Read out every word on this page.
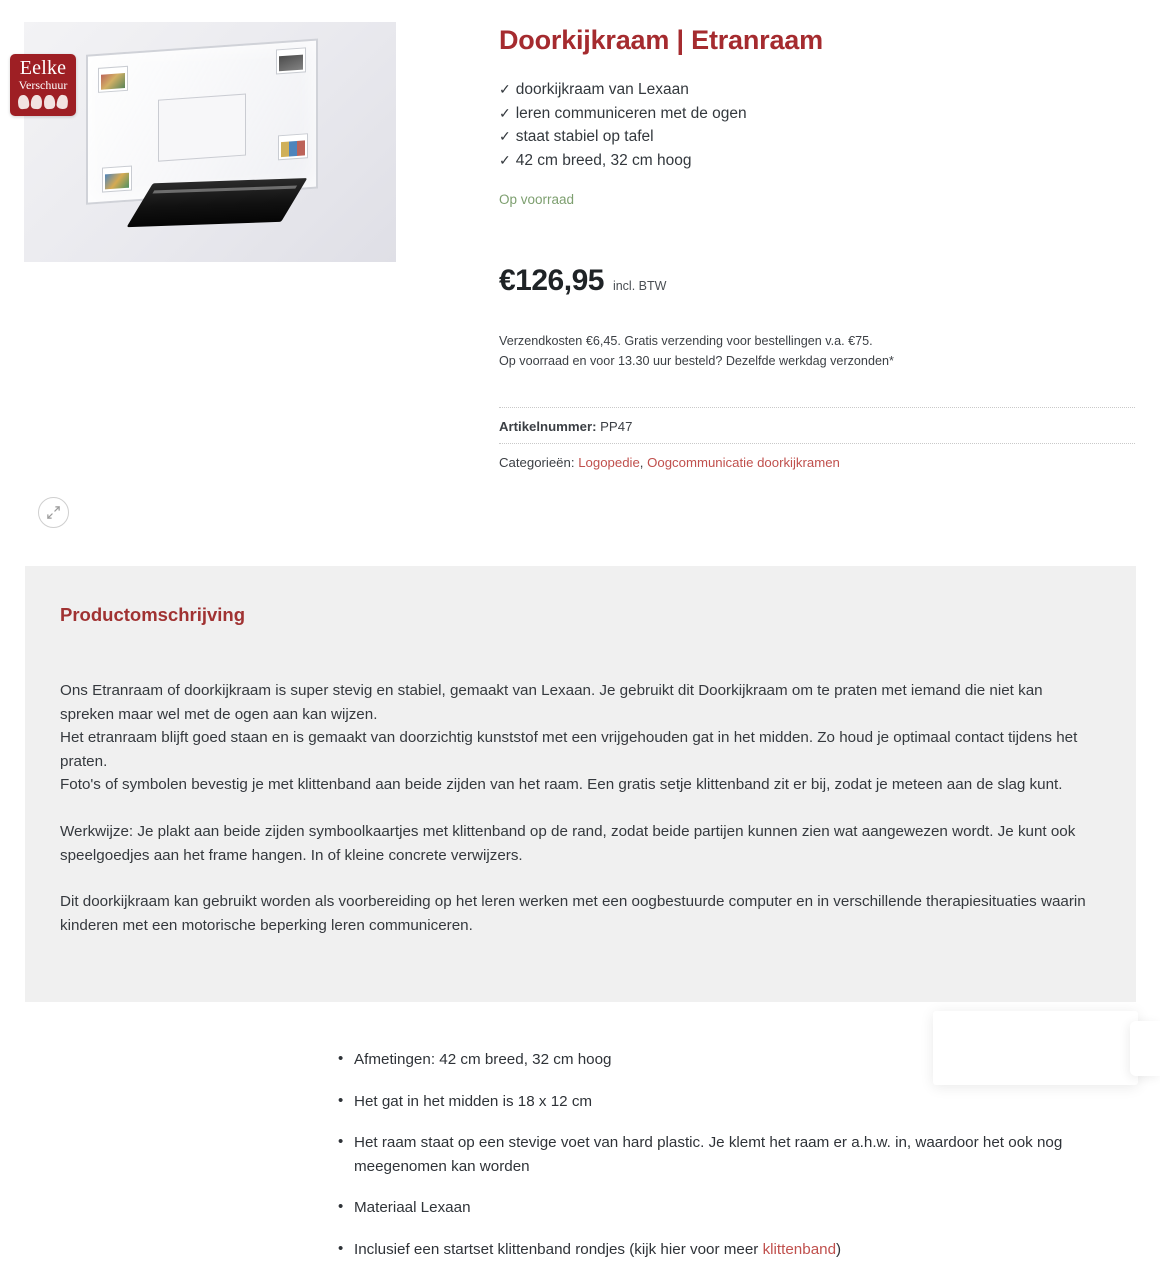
Eelke
Verschuur
Doorkijkraam | Etranraam
✓ doorkijkraam van Lexaan
✓ leren communiceren met de ogen
✓ staat stabiel op tafel
✓ 42 cm breed, 32 cm hoog
Op voorraad
€126,95 incl. BTW
Verzendkosten €6,45. Gratis verzending voor bestellingen v.a. €75.
Op voorraad en voor 13.30 uur besteld? Dezelfde werkdag verzonden*
Artikelnummer: PP47
Categorieën: Logopedie, Oogcommunicatie doorkijkramen
Productomschrijving

Ons Etranraam of doorkijkraam is super stevig en stabiel, gemaakt van Lexaan. Je gebruikt dit Doorkijkraam om te praten met iemand die niet kan spreken maar wel met de ogen aan kan wijzen.
Het etranraam blijft goed staan en is gemaakt van doorzichtig kunststof met een vrijgehouden gat in het midden. Zo houd je optimaal contact tijdens het praten.
Foto's of symbolen bevestig je met klittenband aan beide zijden van het raam. Een gratis setje klittenband zit er bij, zodat je meteen aan de slag kunt.

Werkwijze: Je plakt aan beide zijden symboolkaartjes met klittenband op de rand, zodat beide partijen kunnen zien wat aangewezen wordt. Je kunt ook speelgoedjes aan het frame hangen. In of kleine concrete verwijzers.

Dit doorkijkraam kan gebruikt worden als voorbereiding op het leren werken met een oogbestuurde computer en in verschillende therapiesituaties waarin kinderen met een motorische beperking leren communiceren.

• Afmetingen: 42 cm breed, 32 cm hoog
• Het gat in het midden is 18 x 12 cm
• Het raam staat op een stevige voet van hard plastic. Je klemt het raam er a.h.w. in, waardoor het ook nog meegenomen kan worden
• Materiaal Lexaan
• Inclusief een startset klittenband rondjes (kijk hier voor meer klittenband)
